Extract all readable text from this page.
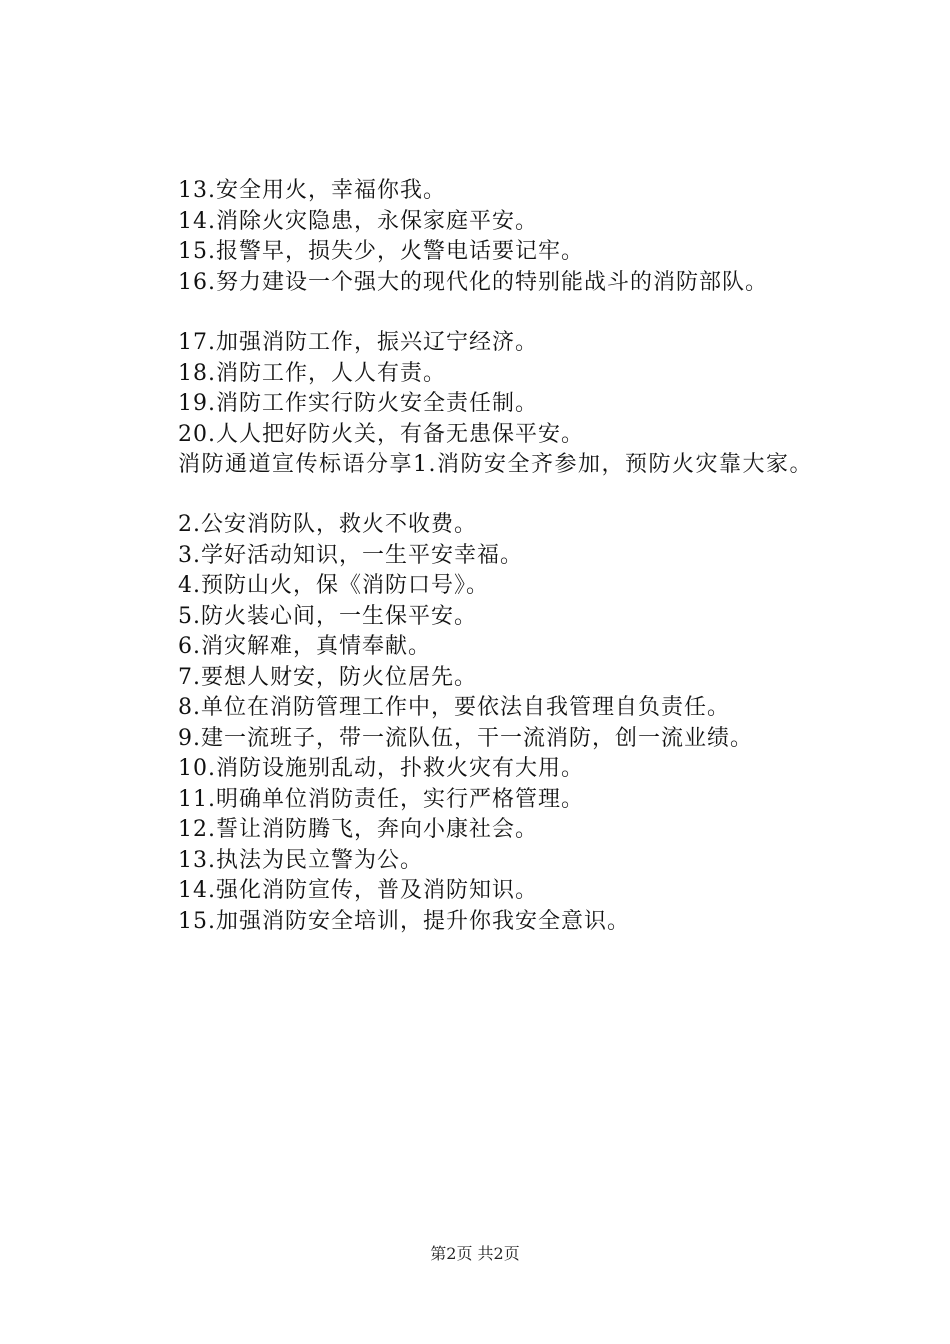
13.安全用火，幸福你我。
14.消除火灾隐患，永保家庭平安。
15.报警早，损失少，火警电话要记牢。
16.努力建设一个强大的现代化的特别能战斗的消防部队。
17.加强消防工作，振兴辽宁经济。
18.消防工作，人人有责。
19.消防工作实行防火安全责任制。
20.人人把好防火关，有备无患保平安。
消防通道宣传标语分享1.消防安全齐参加，预防火灾靠大家。
2.公安消防队，救火不收费。
3.学好活动知识，一生平安幸福。
4.预防山火，保《消防口号》。
5.防火装心间，一生保平安。
6.消灾解难，真情奉献。
7.要想人财安，防火位居先。
8.单位在消防管理工作中，要依法自我管理自负责任。
9.建一流班子，带一流队伍，干一流消防，创一流业绩。
10.消防设施别乱动，扑救火灾有大用。
11.明确单位消防责任，实行严格管理。
12.誓让消防腾飞，奔向小康社会。
13.执法为民立警为公。
14.强化消防宣传，普及消防知识。
15.加强消防安全培训，提升你我安全意识。
第2页 共2页
